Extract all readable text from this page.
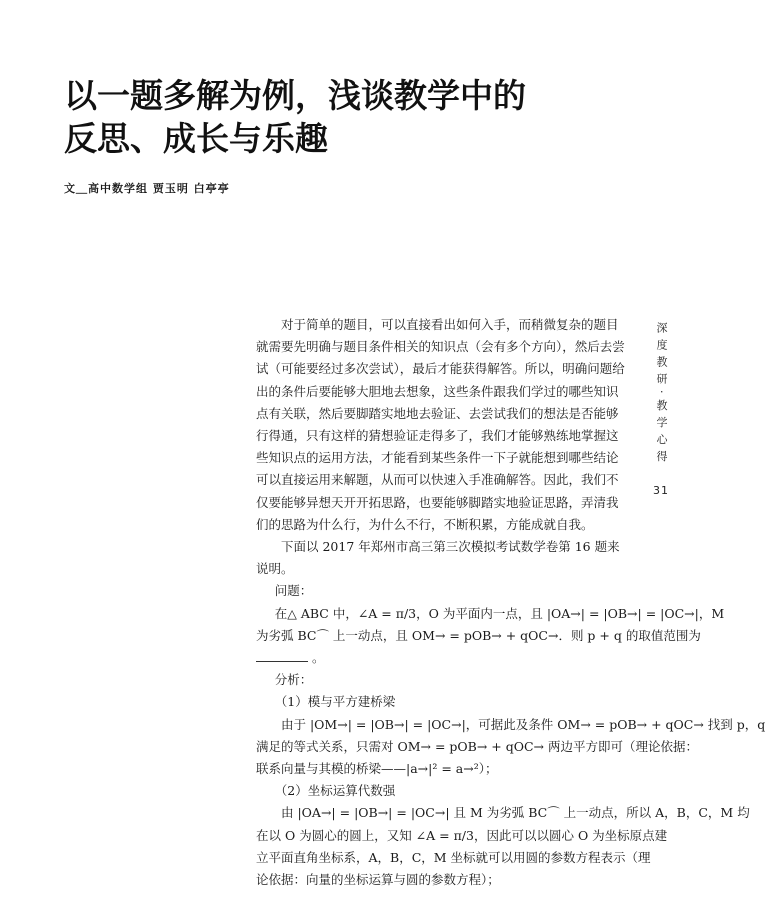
以一题多解为例，浅谈教学中的
反思、成长与乐趣
文＿高中数学组 贾玉明 白亭亭
深度教研·教学心得
31

对于简单的题目，可以直接看出如何入手，而稍微复杂的题目就需要先明确与题目条件相关的知识点（会有多个方向），然后去尝试（可能要经过多次尝试），最后才能获得解答。所以，明确问题给出的条件后要能够大胆地去想象，这些条件跟我们学过的哪些知识点有关联，然后要脚踏实地地去验证、去尝试我们的想法是否能够行得通，只有这样的猜想验证走得多了，我们才能够熟练地掌握这些知识点的运用方法，才能看到某些条件一下子就能想到哪些结论可以直接运用来解题，从而可以快速入手准确解答。因此，我们不仅要能够异想天开开拓思路，也要能够脚踏实地验证思路，弄清我们的思路为什么行，为什么不行，不断积累，方能成就自我。

下面以 2017 年郑州市高三第三次模拟考试数学卷第 16 题来说明。

问题：

在△ ABC 中，∠A = π/3，O 为平面内一点，且 |OA→| = |OB→| = |OC→|，M

为劣弧 BC⌒ 上一动点，且 OM→ = pOB→ + qOC→．则 p + q 的取值范围为

。

分析：

（1）模与平方建桥梁

由于 |OM→| = |OB→| = |OC→|，可据此及条件 OM→ = pOB→ + qOC→ 找到 p，q

满足的等式关系，只需对 OM→ = pOB→ + qOC→ 两边平方即可（理论依据：

联系向量与其模的桥梁——|a→|² = a→²）；

（2）坐标运算代数强

由 |OA→| = |OB→| = |OC→| 且 M 为劣弧 BC⌒ 上一动点，所以 A，B，C，M 均

在以 O 为圆心的圆上，又知 ∠A = π/3，因此可以以圆心 O 为坐标原点建

立平面直角坐标系，A，B，C，M 坐标就可以用圆的参数方程表示（理

论依据：向量的坐标运算与圆的参数方程）；
